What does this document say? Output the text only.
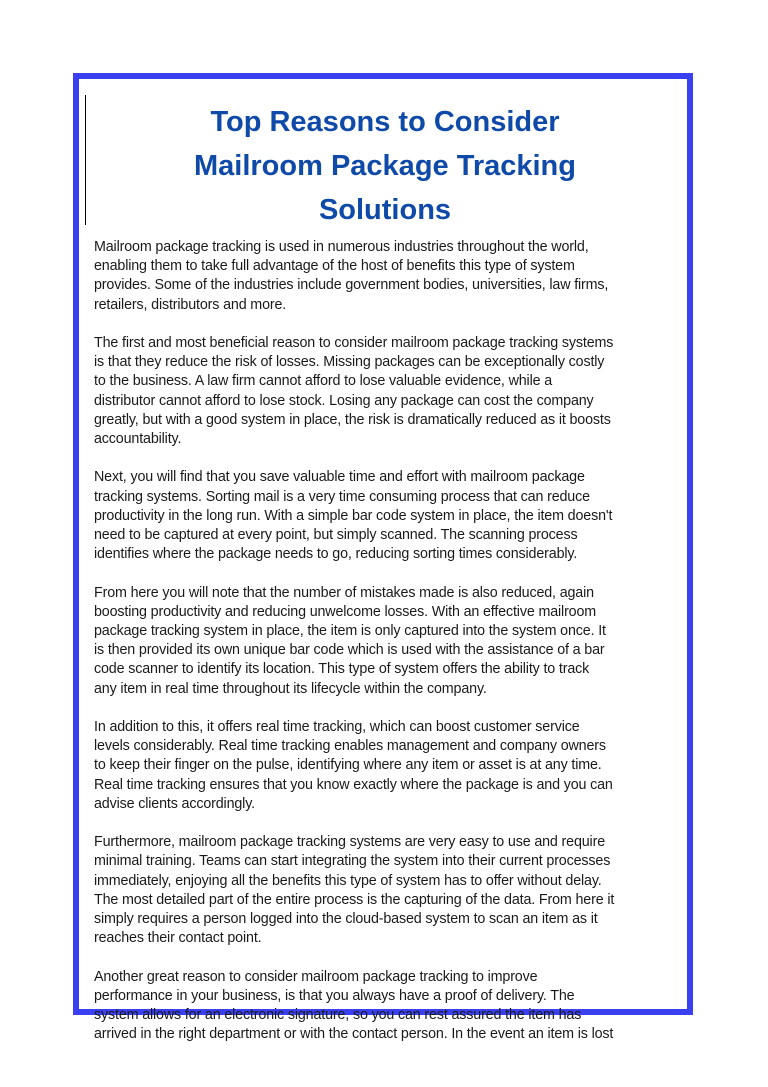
Top Reasons to Consider
Mailroom Package Tracking
Solutions

Mailroom package tracking is used in numerous industries throughout the world,
enabling them to take full advantage of the host of benefits this type of system
provides. Some of the industries include government bodies, universities, law firms,
retailers, distributors and more.

The first and most beneficial reason to consider mailroom package tracking systems
is that they reduce the risk of losses. Missing packages can be exceptionally costly
to the business. A law firm cannot afford to lose valuable evidence, while a
distributor cannot afford to lose stock. Losing any package can cost the company
greatly, but with a good system in place, the risk is dramatically reduced as it boosts
accountability.

Next, you will find that you save valuable time and effort with mailroom package
tracking systems. Sorting mail is a very time consuming process that can reduce
productivity in the long run. With a simple bar code system in place, the item doesn't
need to be captured at every point, but simply scanned. The scanning process
identifies where the package needs to go, reducing sorting times considerably.

From here you will note that the number of mistakes made is also reduced, again
boosting productivity and reducing unwelcome losses. With an effective mailroom
package tracking system in place, the item is only captured into the system once. It
is then provided its own unique bar code which is used with the assistance of a bar
code scanner to identify its location. This type of system offers the ability to track
any item in real time throughout its lifecycle within the company.

In addition to this, it offers real time tracking, which can boost customer service
levels considerably. Real time tracking enables management and company owners
to keep their finger on the pulse, identifying where any item or asset is at any time.
Real time tracking ensures that you know exactly where the package is and you can
advise clients accordingly.

Furthermore, mailroom package tracking systems are very easy to use and require
minimal training. Teams can start integrating the system into their current processes
immediately, enjoying all the benefits this type of system has to offer without delay.
The most detailed part of the entire process is the capturing of the data. From here it
simply requires a person logged into the cloud-based system to scan an item as it
reaches their contact point.

Another great reason to consider mailroom package tracking to improve
performance in your business, is that you always have a proof of delivery. The
system allows for an electronic signature, so you can rest assured the item has
arrived in the right department or with the contact person. In the event an item is lost
